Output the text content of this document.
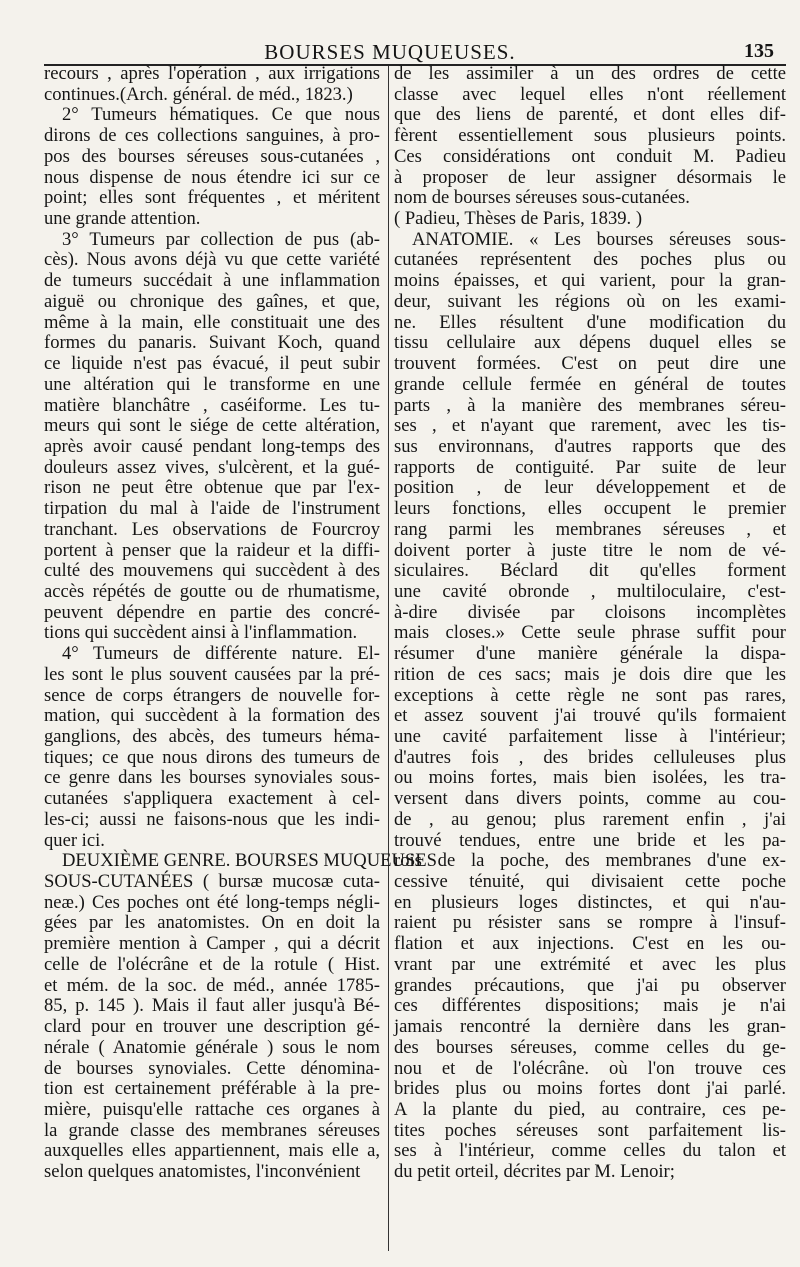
BOURSES MUQUEUSES.	135
recours , après l'opération , aux irrigations
continues.(Arch. général. de méd., 1823.)
2° Tumeurs hématiques. Ce que nous
dirons de ces collections sanguines, à pro-
pos des bourses séreuses sous-cutanées ,
nous dispense de nous étendre ici sur ce
point; elles sont fréquentes , et méritent
une grande attention.
3° Tumeurs par collection de pus (ab-
cès). Nous avons déjà vu que cette variété
de tumeurs succédait à une inflammation
aiguë ou chronique des gaînes, et que,
même à la main, elle constituait une des
formes du panaris. Suivant Koch, quand
ce liquide n'est pas évacué, il peut subir
une altération qui le transforme en une
matière blanchâtre , caséiforme. Les tu-
meurs qui sont le siége de cette altération,
après avoir causé pendant long-temps des
douleurs assez vives, s'ulcèrent, et la gué-
rison ne peut être obtenue que par l'ex-
tirpation du mal à l'aide de l'instrument
tranchant. Les observations de Fourcroy
portent à penser que la raideur et la diffi-
culté des mouvemens qui succèdent à des
accès répétés de goutte ou de rhumatisme,
peuvent dépendre en partie des concré-
tions qui succèdent ainsi à l'inflammation.
4° Tumeurs de différente nature. El-
les sont le plus souvent causées par la pré-
sence de corps étrangers de nouvelle for-
mation, qui succèdent à la formation des
ganglions, des abcès, des tumeurs héma-
tiques; ce que nous dirons des tumeurs de
ce genre dans les bourses synoviales sous-
cutanées s'appliquera exactement à cel-
les-ci; aussi ne faisons-nous que les indi-
quer ici.
DEUXIÈME GENRE. BOURSES MUQUEUSES
SOUS-CUTANÉES ( bursæ mucosæ cuta-
neæ.) Ces poches ont été long-temps négli-
gées par les anatomistes. On en doit la
première mention à Camper , qui a décrit
celle de l'olécrâne et de la rotule ( Hist.
et mém. de la soc. de méd., année 1785-
85, p. 145 ). Mais il faut aller jusqu'à Bé-
clard pour en trouver une description gé-
nérale ( Anatomie générale ) sous le nom
de bourses synoviales. Cette dénomina-
tion est certainement préférable à la pre-
mière, puisqu'elle rattache ces organes à
la grande classe des membranes séreuses
auxquelles elles appartiennent, mais elle a,
selon quelques anatomistes, l'inconvénient
de les assimiler à un des ordres de cette
classe avec lequel elles n'ont réellement
que des liens de parenté, et dont elles dif-
fèrent essentiellement sous plusieurs points.
Ces considérations ont conduit M. Padieu
à proposer de leur assigner désormais le
nom de bourses séreuses sous-cutanées.
( Padieu, Thèses de Paris, 1839. )
ANATOMIE. « Les bourses séreuses sous-
cutanées représentent des poches plus ou
moins épaisses, et qui varient, pour la gran-
deur, suivant les régions où on les exami-
ne. Elles résultent d'une modification du
tissu cellulaire aux dépens duquel elles se
trouvent formées. C'est on peut dire une
grande cellule fermée en général de toutes
parts , à la manière des membranes séreu-
ses , et n'ayant que rarement, avec les tis-
sus environnans, d'autres rapports que des
rapports de contiguité. Par suite de leur
position , de leur développement et de
leurs fonctions, elles occupent le premier
rang parmi les membranes séreuses , et
doivent porter à juste titre le nom de vé-
siculaires. Béclard dit qu'elles forment
une cavité obronde , multiloculaire, c'est-
à-dire divisée par cloisons incomplètes
mais closes.» Cette seule phrase suffit pour
résumer d'une manière générale la dispa-
rition de ces sacs; mais je dois dire que les
exceptions à cette règle ne sont pas rares,
et assez souvent j'ai trouvé qu'ils formaient
une cavité parfaitement lisse à l'intérieur;
d'autres fois , des brides celluleuses plus
ou moins fortes, mais bien isolées, les tra-
versent dans divers points, comme au cou-
de , au genou; plus rarement enfin , j'ai
trouvé tendues, entre une bride et les pa-
rois de la poche, des membranes d'une ex-
cessive ténuité, qui divisaient cette poche
en plusieurs loges distinctes, et qui n'au-
raient pu résister sans se rompre à l'insuf-
flation et aux injections. C'est en les ou-
vrant par une extrémité et avec les plus
grandes précautions, que j'ai pu observer
ces différentes dispositions; mais je n'ai
jamais rencontré la dernière dans les gran-
des bourses séreuses, comme celles du ge-
nou et de l'olécrâne. où l'on trouve ces
brides plus ou moins fortes dont j'ai parlé.
A la plante du pied, au contraire, ces pe-
tites poches séreuses sont parfaitement lis-
ses à l'intérieur, comme celles du talon et
du petit orteil, décrites par M. Lenoir;
